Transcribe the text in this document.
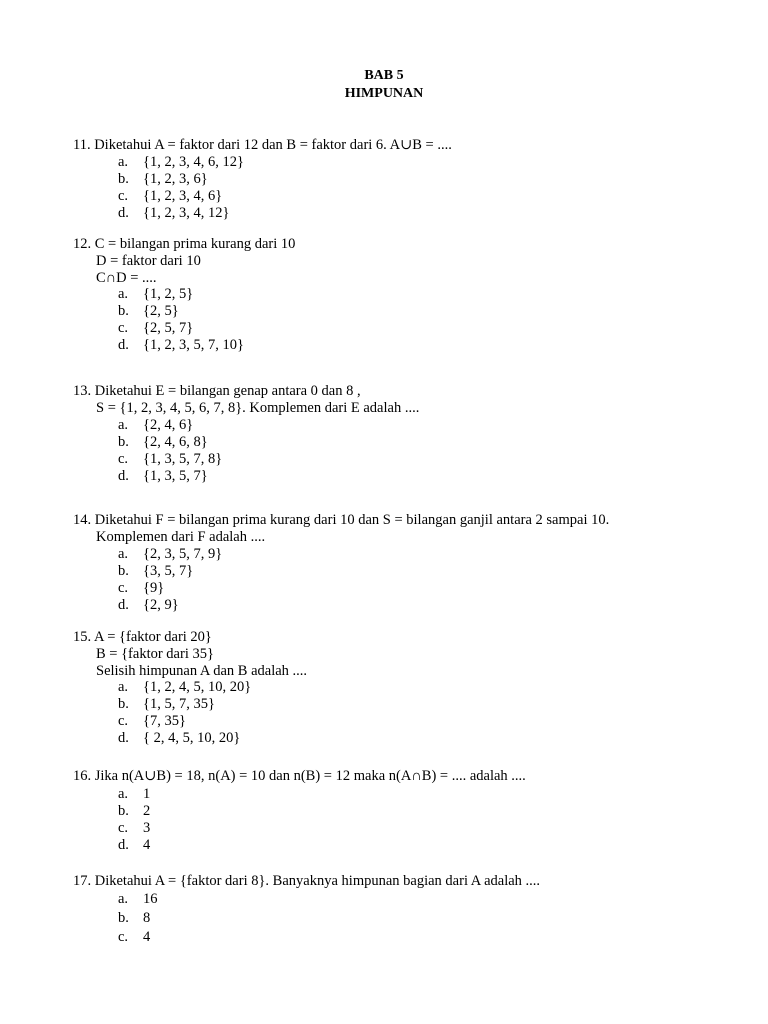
BAB 5
HIMPUNAN
11. Diketahui A = faktor dari 12 dan B = faktor dari 6. A∪B = ....
a. {1, 2, 3, 4, 6, 12}
b. {1, 2, 3, 6}
c. {1, 2, 3, 4, 6}
d. {1, 2, 3, 4, 12}
12. C = bilangan prima kurang dari 10
D = faktor dari 10
C∩D = ....
a. {1, 2, 5}
b. {2, 5}
c. {2, 5, 7}
d. {1, 2, 3, 5, 7, 10}
13. Diketahui E = bilangan genap antara 0 dan 8 ,
S = {1, 2, 3, 4, 5, 6, 7, 8}. Komplemen dari E adalah ....
a. {2, 4, 6}
b. {2, 4, 6, 8}
c. {1, 3, 5, 7, 8}
d. {1, 3, 5, 7}
14. Diketahui F = bilangan prima kurang dari 10 dan S = bilangan ganjil antara 2 sampai 10.
Komplemen dari F adalah ....
a. {2, 3, 5, 7, 9}
b. {3, 5, 7}
c. {9}
d. {2, 9}
15. A = {faktor dari 20}
B = {faktor dari 35}
Selisih himpunan A dan B adalah ....
a. {1, 2, 4, 5, 10, 20}
b. {1, 5, 7, 35}
c. {7, 35}
d. { 2, 4, 5, 10, 20}
16. Jika n(A∪B) = 18, n(A) = 10 dan n(B) = 12 maka n(A∩B) = .... adalah ....
a. 1
b. 2
c. 3
d. 4
17. Diketahui A = {faktor dari 8}. Banyaknya himpunan bagian dari A adalah ....
a. 16
b. 8
c. 4
